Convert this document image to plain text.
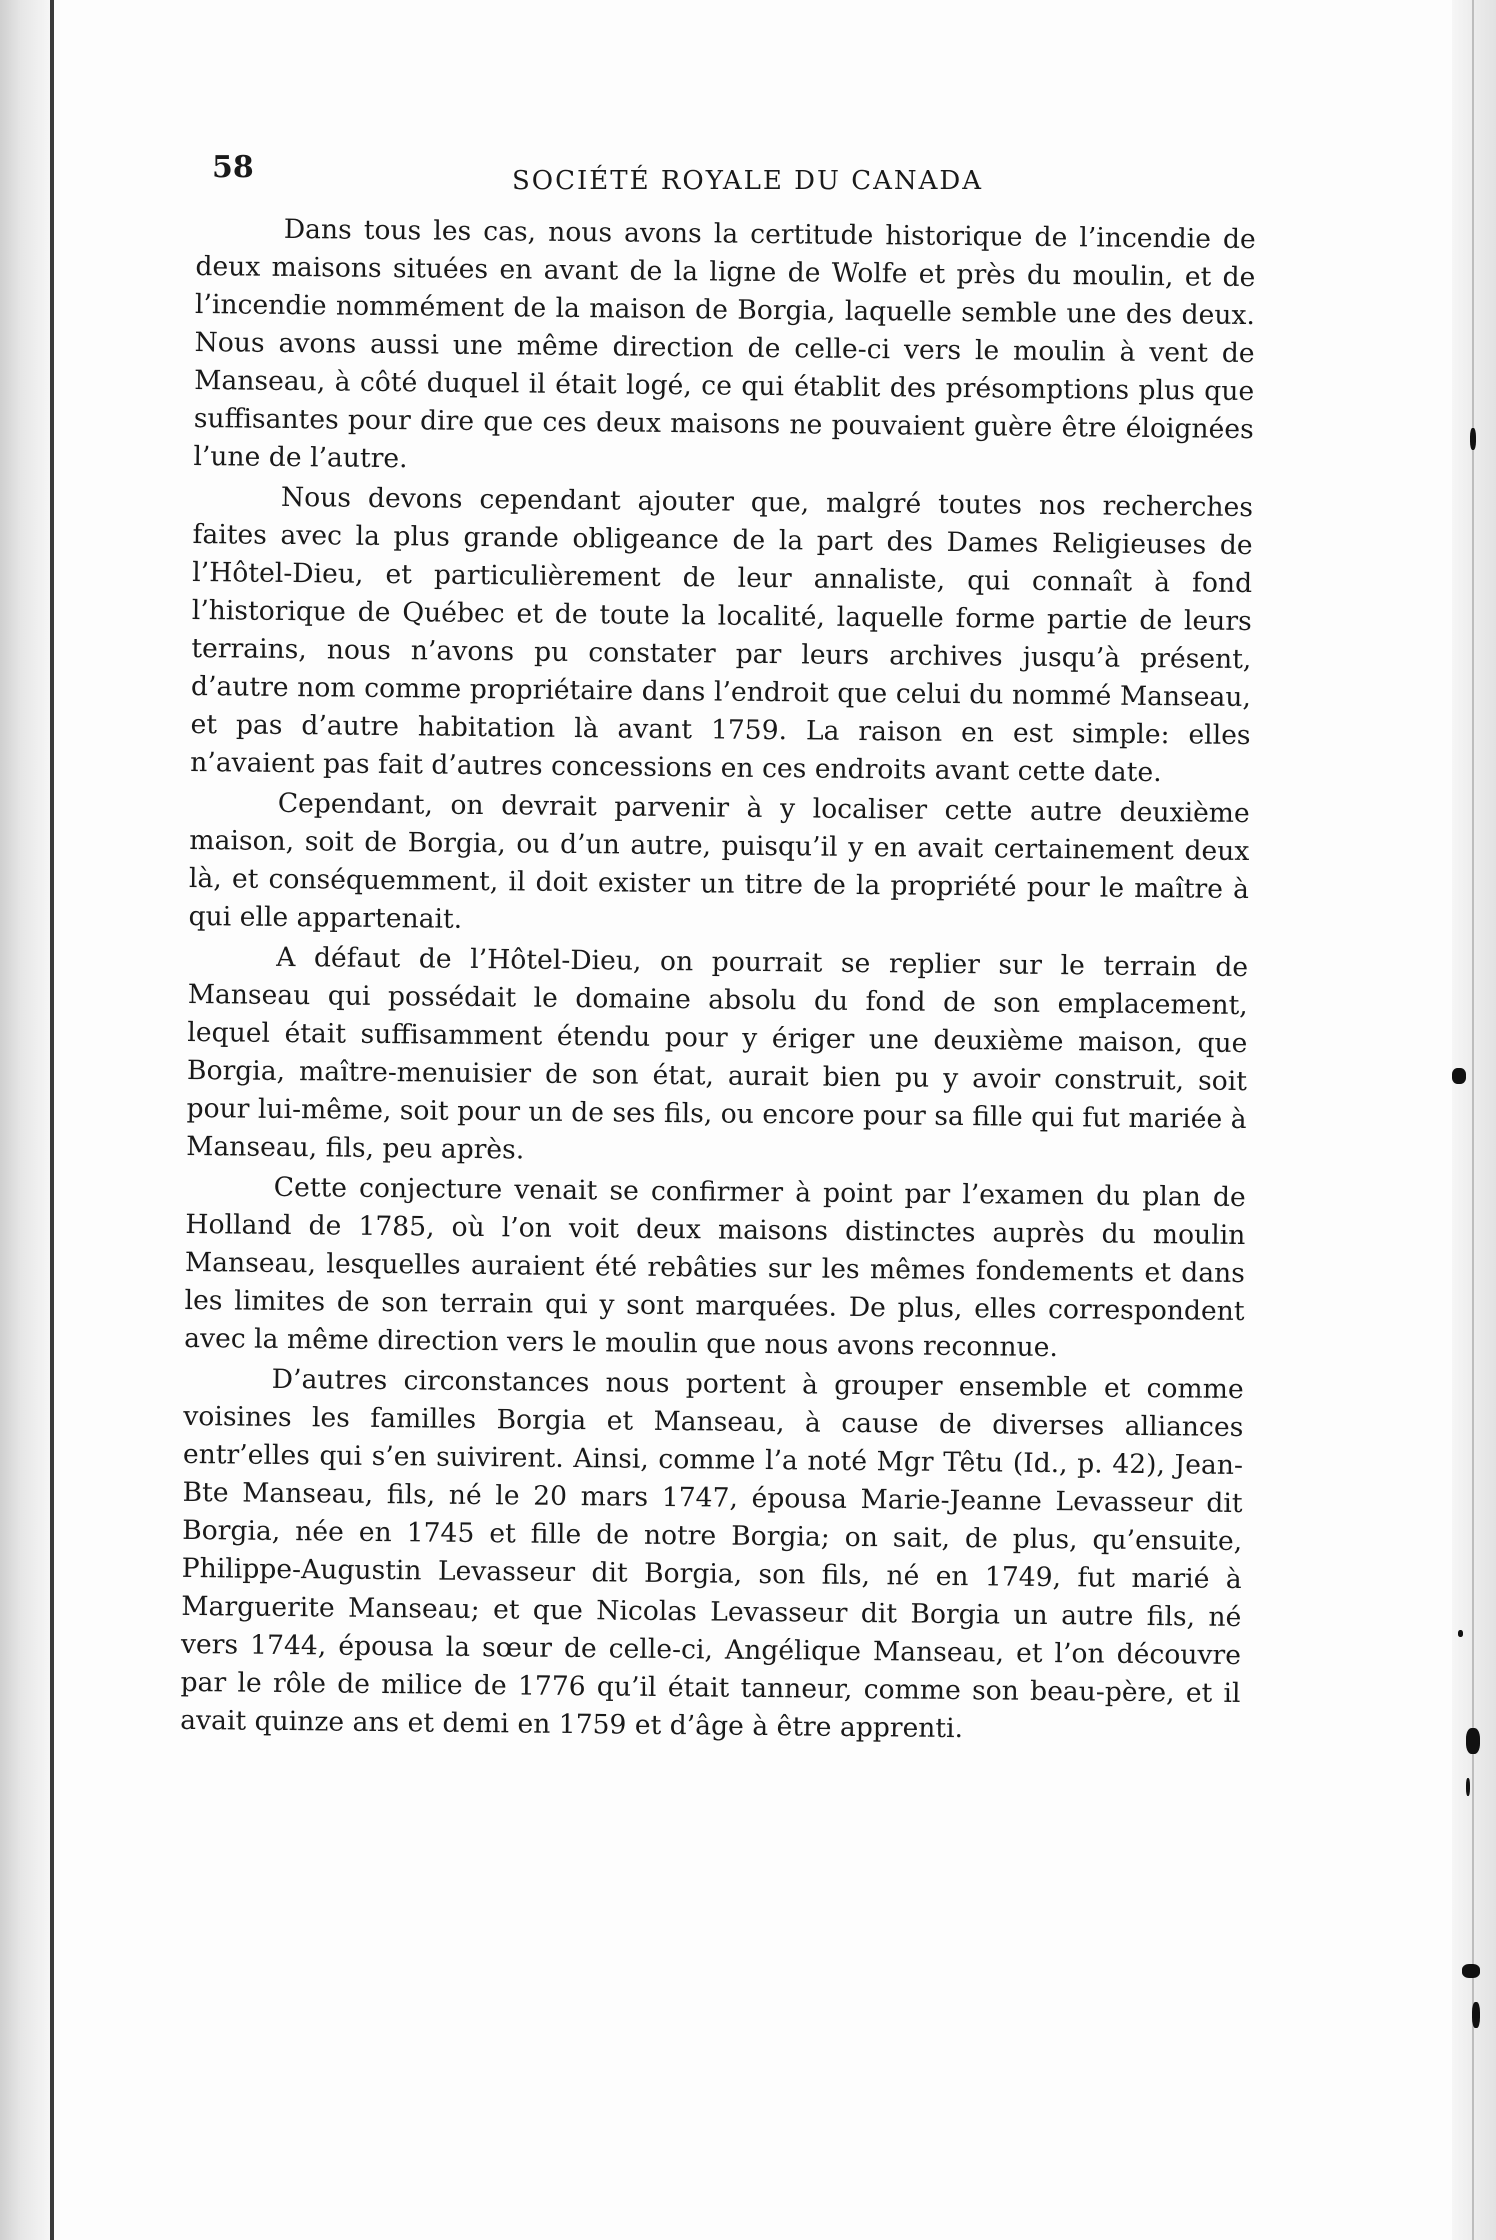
58	SOCIÉTÉ ROYALE DU CANADA

Dans tous les cas, nous avons la certitude historique de l’incendie de deux maisons situées en avant de la ligne de Wolfe et près du moulin, et de l’incendie nommément de la maison de Borgia, laquelle semble une des deux. Nous avons aussi une même direction de celle-ci vers le moulin à vent de Manseau, à côté duquel il était logé, ce qui établit des présomptions plus que suffisantes pour dire que ces deux maisons ne pouvaient guère être éloignées l’une de l’autre.

Nous devons cependant ajouter que, malgré toutes nos recherches faites avec la plus grande obligeance de la part des Dames Religieuses de l’Hôtel-Dieu, et particulièrement de leur annaliste, qui connaît à fond l’historique de Québec et de toute la localité, laquelle forme partie de leurs terrains, nous n’avons pu constater par leurs archives jusqu’à présent, d’autre nom comme propriétaire dans l’endroit que celui du nommé Manseau, et pas d’autre habitation là avant 1759. La raison en est simple: elles n’avaient pas fait d’autres concessions en ces endroits avant cette date.

Cependant, on devrait parvenir à y localiser cette autre deuxième maison, soit de Borgia, ou d’un autre, puisqu’il y en avait certainement deux là, et conséquemment, il doit exister un titre de la propriété pour le maître à qui elle appartenait.

A défaut de l’Hôtel-Dieu, on pourrait se replier sur le terrain de Manseau qui possédait le domaine absolu du fond de son emplacement, lequel était suffisamment étendu pour y ériger une deuxième maison, que Borgia, maître-menuisier de son état, aurait bien pu y avoir construit, soit pour lui-même, soit pour un de ses fils, ou encore pour sa fille qui fut mariée à Manseau, fils, peu après.

Cette conjecture venait se confirmer à point par l’examen du plan de Holland de 1785, où l’on voit deux maisons distinctes auprès du moulin Manseau, lesquelles auraient été rebâties sur les mêmes fondements et dans les limites de son terrain qui y sont marquées. De plus, elles correspondent avec la même direction vers le moulin que nous avons reconnue.

D’autres circonstances nous portent à grouper ensemble et comme voisines les familles Borgia et Manseau, à cause de diverses alliances entr’elles qui s’en suivirent. Ainsi, comme l’a noté Mgr Têtu (Id., p. 42), Jean-Bte Manseau, fils, né le 20 mars 1747, épousa Marie-Jeanne Levasseur dit Borgia, née en 1745 et fille de notre Borgia; on sait, de plus, qu’ensuite, Philippe-Augustin Levasseur dit Borgia, son fils, né en 1749, fut marié à Marguerite Manseau; et que Nicolas Levasseur dit Borgia un autre fils, né vers 1744, épousa la sœur de celle-ci, Angélique Manseau, et l’on découvre par le rôle de milice de 1776 qu’il était tanneur, comme son beau-père, et il avait quinze ans et demi en 1759 et d’âge à être apprenti.
